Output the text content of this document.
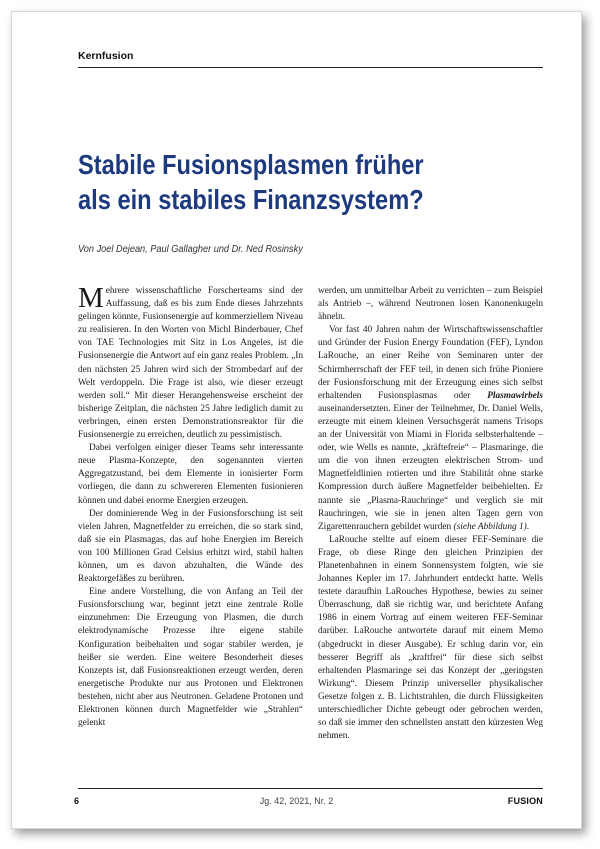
Kernfusion
Stabile Fusionsplasmen früher
als ein stabiles Finanzsystem?
Von Joel Dejean, Paul Gallagher und Dr. Ned Rosinsky

Mehrere wissenschaftliche Forscherteams sind der Auffassung, daß es bis zum Ende dieses Jahrzehnts gelingen könnte, Fusionsenergie auf kommerziellem Niveau zu realisieren. In den Worten von Michl Binderbauer, Chef von TAE Technologies mit Sitz in Los Angeles, ist die Fusionsenergie die Antwort auf ein ganz reales Problem. „In den nächsten 25 Jahren wird sich der Strombedarf auf der Welt verdoppeln. Die Frage ist also, wie dieser erzeugt werden soll.“ Mit dieser Herangehensweise erscheint der bisherige Zeitplan, die nächsten 25 Jahre lediglich damit zu verbringen, einen ersten Demonstrationsreaktor für die Fusionsenergie zu erreichen, deutlich zu pessimistisch.

Dabei verfolgen einiger dieser Teams sehr interessante neue Plasma-Konzepte, den sogenannten vierten Aggregatzustand, bei dem Elemente in ionisierter Form vorliegen, die dann zu schwereren Elementen fusionieren können und dabei enorme Energien erzeugen.

Der dominierende Weg in der Fusionsforschung ist seit vielen Jahren, Magnetfelder zu erreichen, die so stark sind, daß sie ein Plasmagas, das auf hohe Energien im Bereich von 100 Millionen Grad Celsius erhitzt wird, stabil halten können, um es davon abzuhalten, die Wände des Reaktorgefäßes zu berühren.

Eine andere Vorstellung, die von Anfang an Teil der Fusionsforschung war, beginnt jetzt eine zentrale Rolle einzunehmen: Die Erzeugung von Plasmen, die durch elektrodynamische Prozesse ihre eigene stabile Konfiguration beibehalten und sogar stabiler werden, je heißer sie werden. Eine weitere Besonderheit dieses Konzepts ist, daß Fusionsreaktionen erzeugt werden, deren energetische Produkte nur aus Protonen und Elektronen bestehen, nicht aber aus Neutronen. Geladene Protonen und Elektronen können durch Magnetfelder wie „Strahlen“ gelenkt

werden, um unmittelbar Arbeit zu verrichten – zum Beispiel als Antrieb –, während Neutronen losen Kanonenkugeln ähneln.

Vor fast 40 Jahren nahm der Wirtschaftswissenschaftler und Gründer der Fusion Energy Foundation (FEF), Lyndon LaRouche, an einer Reihe von Seminaren unter der Schirmherrschaft der FEF teil, in denen sich frühe Pioniere der Fusionsforschung mit der Erzeugung eines sich selbst erhaltenden Fusionsplasmas oder Plasmawirbels auseinandersetzten. Einer der Teilnehmer, Dr. Daniel Wells, erzeugte mit einem kleinen Versuchsgerät namens Trisops an der Universität von Miami in Florida selbsterhaltende – oder, wie Wells es nannte, „kräftefreie“ – Plasmaringe, die um die von ihnen erzeugten elektrischen Strom- und Magnetfeldlinien rotierten und ihre Stabilität ohne starke Kompression durch äußere Magnetfelder beibehielten. Er nannte sie „Plasma-Rauchringe“ und verglich sie mit Rauchringen, wie sie in jenen alten Tagen gern von Zigarettenrauchern gebildet wurden (siehe Abbildung 1).

LaRouche stellte auf einem dieser FEF-Seminare die Frage, ob diese Ringe den gleichen Prinzipien der Planetenbahnen in einem Sonnensystem folgten, wie sie Johannes Kepler im 17. Jahrhundert entdeckt hatte. Wells testete daraufhin LaRouches Hypothese, bewies zu seiner Überraschung, daß sie richtig war, und berichtete Anfang 1986 in einem Vortrag auf einem weiteren FEF-Seminar darüber. LaRouche antwortete darauf mit einem Memo (abgedruckt in dieser Ausgabe). Er schlug darin vor, ein besserer Begriff als „kraftfrei“ für diese sich selbst erhaltenden Plasmaringe sei das Konzept der „geringsten Wirkung“. Diesem Prinzip universeller physikalischer Gesetze folgen z. B. Lichtstrahlen, die durch Flüssigkeiten unterschiedlicher Dichte gebeugt oder gebrochen werden, so daß sie immer den schnellsten anstatt den kürzesten Weg nehmen.

6	Jg. 42, 2021, Nr. 2	FUSION
